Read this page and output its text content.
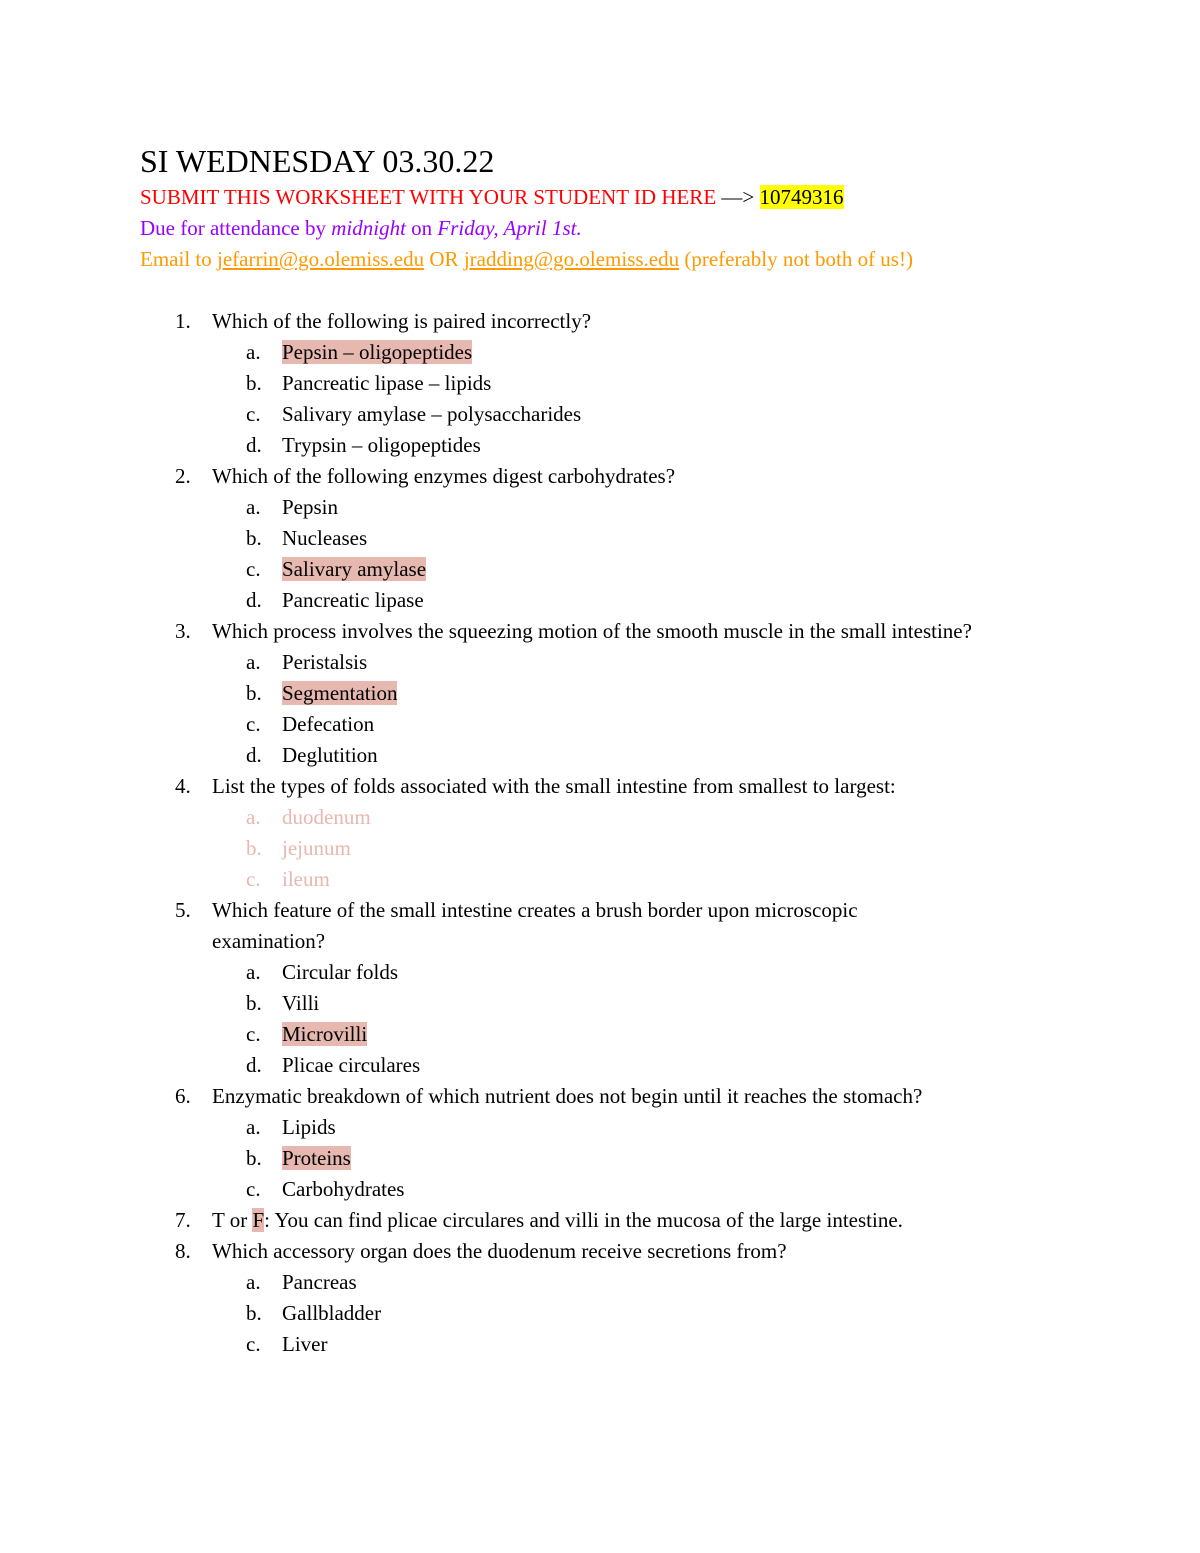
SI WEDNESDAY 03.30.22
SUBMIT THIS WORKSHEET WITH YOUR STUDENT ID HERE —> 10749316
Due for attendance by midnight on Friday, April 1st.
Email to jefarrin@go.olemiss.edu OR jradding@go.olemiss.edu (preferably not both of us!)
1. Which of the following is paired incorrectly?
a. Pepsin – oligopeptides
b. Pancreatic lipase – lipids
c. Salivary amylase – polysaccharides
d. Trypsin – oligopeptides
2. Which of the following enzymes digest carbohydrates?
a. Pepsin
b. Nucleases
c. Salivary amylase
d. Pancreatic lipase
3. Which process involves the squeezing motion of the smooth muscle in the small intestine?
a. Peristalsis
b. Segmentation
c. Defecation
d. Deglutition
4. List the types of folds associated with the small intestine from smallest to largest:
a. duodenum
b. jejunum
c. ileum
5. Which feature of the small intestine creates a brush border upon microscopic examination?
a. Circular folds
b. Villi
c. Microvilli
d. Plicae circulares
6. Enzymatic breakdown of which nutrient does not begin until it reaches the stomach?
a. Lipids
b. Proteins
c. Carbohydrates
7. T or F: You can find plicae circulares and villi in the mucosa of the large intestine.
8. Which accessory organ does the duodenum receive secretions from?
a. Pancreas
b. Gallbladder
c. Liver
